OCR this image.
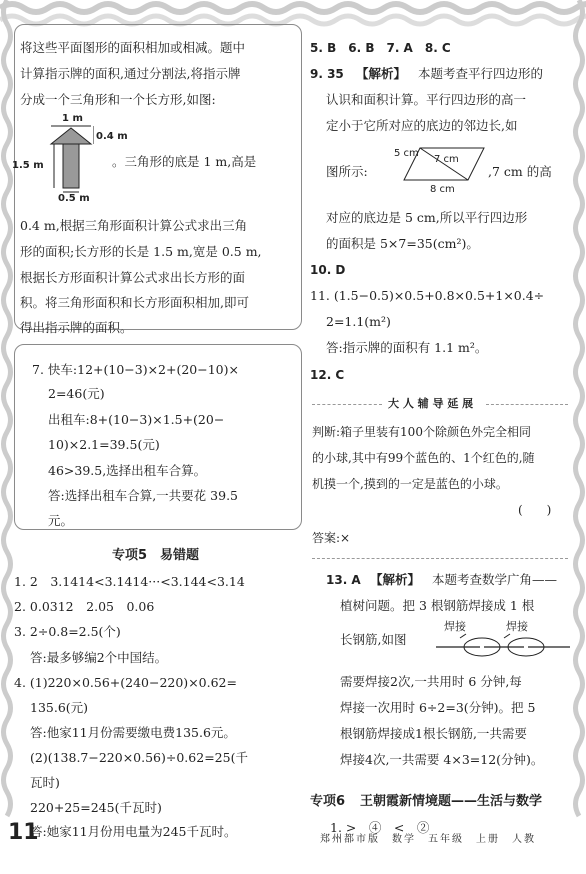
将这些平面图形的面积相加或相减。题中
计算指示牌的面积,通过分割法,将指示牌
分成一个三角形和一个长方形,如图:
1 m
0.4 m
1.5 m
0.5 m
。三角形的底是 1 m,高是
0.4 m,根据三角形面积计算公式求出三角
形的面积;长方形的长是 1.5 m,宽是 0.5 m,
根据长方形面积计算公式求出长方形的面
积。将三角形面积和长方形面积相加,即可
得出指示牌的面积。
7. 快车:12+(10−3)×2+(20−10)×
2=46(元)
出租车:8+(10−3)×1.5+(20−
10)×2.1=39.5(元)
46>39.5,选择出租车合算。
答:选择出租车合算,一共要花 39.5
元。
专项5　易错题
1. 2　3.1414<3.1414···<3.144<3.14
2. 0.0312　2.05　0.06
3. 2÷0.8=2.5(个)
答:最多够编2个中国结。
4. (1)220×0.56+(240−220)×0.62=
135.6(元)
答:他家11月份需要缴电费135.6元。
(2)(138.7−220×0.56)÷0.62=25(千
瓦时)
220+25=245(千瓦时)
答:她家11月份用电量为245千瓦时。
5. B　6. B　7. A　8. C
9. 35 【解析】 本题考查平行四边形的
认识和面积计算。平行四边形的高一
定小于它所对应的底边的邻边长,如
图所示:
5 cm
7 cm
8 cm
,7 cm 的高
对应的底边是 5 cm,所以平行四边形
的面积是 5×7=35(cm²)。
10. D
11. (1.5−0.5)×0.5+0.8×0.5+1×0.4÷
2=1.1(m²)
答:指示牌的面积有 1.1 m²。
12. C
大 人 辅 导 延 展
判断:箱子里装有100个除颜色外完全相同
的小球,其中有99个蓝色的、1个红色的,随
机摸一个,摸到的一定是蓝色的小球。
(　　)
答案:×
13. A 【解析】 本题考查数学广角——
植树问题。把 3 根钢筋焊接成 1 根
长钢筋,如图
焊接	焊接
需要焊接2次,一共用时 6 分钟,每
焊接一次用时 6÷2=3(分钟)。把 5
根钢筋焊接成1根长钢筋,一共需要
焊接4次,一共需要 4×3=12(分钟)。
专项6 王朝霞新情境题——生活与数学
1. >　④　<　②
11	郑州都市版　数学　五年级　上册　人教
